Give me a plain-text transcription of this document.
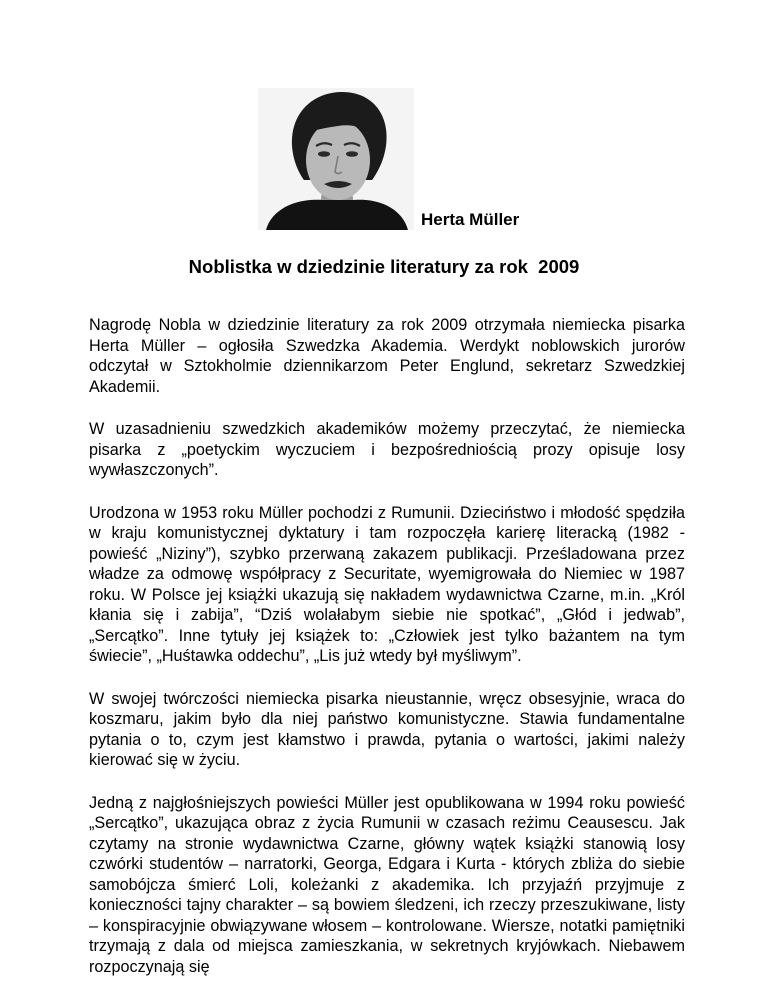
Herta Müller
Noblistka w dziedzinie literatury za rok  2009

Nagrodę Nobla w dziedzinie literatury za rok 2009 otrzymała niemiecka pisarka Herta Müller – ogłosiła Szwedzka Akademia. Werdykt noblowskich jurorów odczytał w Sztokholmie dziennikarzom Peter Englund, sekretarz Szwedzkiej Akademii.

W uzasadnieniu szwedzkich akademików możemy przeczytać, że niemiecka pisarka z „poetyckim wyczuciem i bezpośredniością prozy opisuje losy wywłaszczonych”.

Urodzona w 1953 roku Müller pochodzi z Rumunii. Dzieciństwo i młodość spędziła w kraju komunistycznej dyktatury i tam rozpoczęła karierę literacką (1982 - powieść „Niziny”), szybko przerwaną zakazem publikacji. Prześladowana przez władze za odmowę współpracy z Securitate, wyemigrowała do Niemiec w 1987 roku. W Polsce jej książki ukazują się nakładem wydawnictwa Czarne, m.in. „Król kłania się i zabija”, “Dziś wolałabym siebie nie spotkać”, „Głód i jedwab”, „Sercątko”. Inne tytuły jej książek to: „Człowiek jest tylko bażantem na tym świecie”, „Huśtawka oddechu”, „Lis już wtedy był myśliwym”.

W swojej twórczości niemiecka pisarka nieustannie, wręcz obsesyjnie, wraca do koszmaru, jakim było dla niej państwo komunistyczne. Stawia fundamentalne pytania o to, czym jest kłamstwo i prawda, pytania o wartości, jakimi należy kierować się w życiu.

Jedną z najgłośniejszych powieści Müller jest opublikowana w 1994 roku powieść „Sercątko”, ukazująca obraz z życia Rumunii w czasach reżimu Ceausescu. Jak czytamy na stronie wydawnictwa Czarne, główny wątek książki stanowią losy czwórki studentów – narratorki, Georga, Edgara i Kurta - których zbliża do siebie samobójcza śmierć Loli, koleżanki z akademika. Ich przyjaźń przyjmuje z konieczności tajny charakter – są bowiem śledzeni, ich rzeczy przeszukiwane, listy – konspiracyjnie obwiązywane włosem – kontrolowane. Wiersze, notatki pamiętniki trzymają z dala od miejsca zamieszkania, w sekretnych kryjówkach. Niebawem rozpoczynają się
